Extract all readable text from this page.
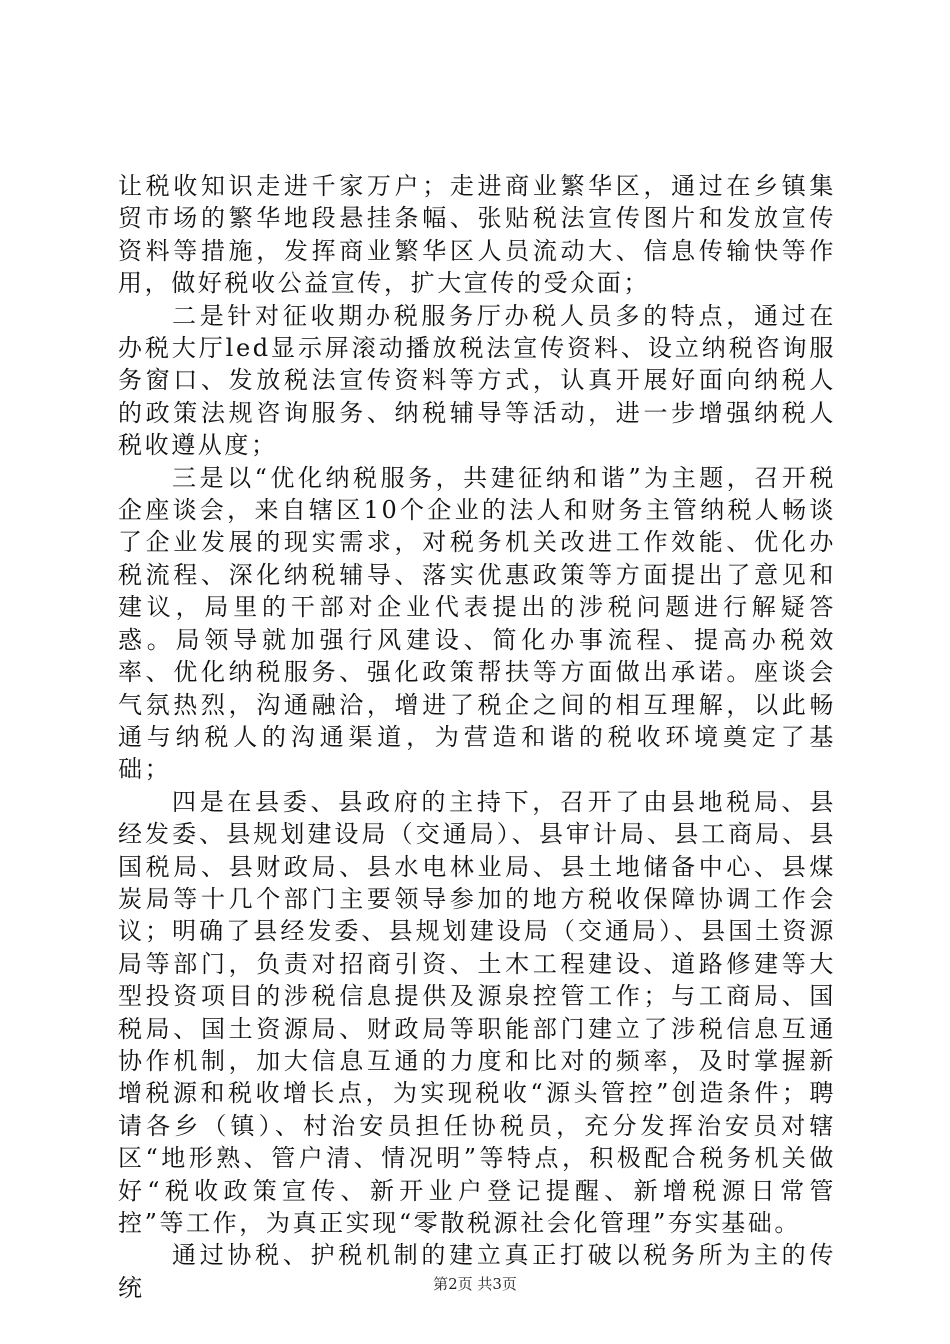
让税收知识走进千家万户；走进商业繁华区，通过在乡镇集贸市场的繁华地段悬挂条幅、张贴税法宣传图片和发放宣传资料等措施，发挥商业繁华区人员流动大、信息传输快等作用，做好税收公益宣传，扩大宣传的受众面；

二是针对征收期办税服务厅办税人员多的特点，通过在办税大厅led显示屏滚动播放税法宣传资料、设立纳税咨询服务窗口、发放税法宣传资料等方式，认真开展好面向纳税人的政策法规咨询服务、纳税辅导等活动，进一步增强纳税人税收遵从度；

三是以“优化纳税服务，共建征纳和谐”为主题，召开税企座谈会，来自辖区10个企业的法人和财务主管纳税人畅谈了企业发展的现实需求，对税务机关改进工作效能、优化办税流程、深化纳税辅导、落实优惠政策等方面提出了意见和建议，局里的干部对企业代表提出的涉税问题进行解疑答惑。局领导就加强行风建设、简化办事流程、提高办税效率、优化纳税服务、强化政策帮扶等方面做出承诺。座谈会气氛热烈，沟通融洽，增进了税企之间的相互理解，以此畅通与纳税人的沟通渠道，为营造和谐的税收环境奠定了基础；

四是在县委、县政府的主持下，召开了由县地税局、县经发委、县规划建设局（交通局）、县审计局、县工商局、县国税局、县财政局、县水电林业局、县土地储备中心、县煤炭局等十几个部门主要领导参加的地方税收保障协调工作会议；明确了县经发委、县规划建设局（交通局）、县国土资源局等部门，负责对招商引资、土木工程建设、道路修建等大型投资项目的涉税信息提供及源泉控管工作；与工商局、国税局、国土资源局、财政局等职能部门建立了涉税信息互通协作机制，加大信息互通的力度和比对的频率，及时掌握新增税源和税收增长点，为实现税收“源头管控”创造条件；聘请各乡（镇）、村治安员担任协税员，充分发挥治安员对辖区“地形熟、管户清、情况明”等特点，积极配合税务机关做好“税收政策宣传、新开业户登记提醒、新增税源日常管控”等工作，为真正实现“零散税源社会化管理”夯实基础。

通过协税、护税机制的建立真正打破以税务所为主的传统	第2页 共3页
